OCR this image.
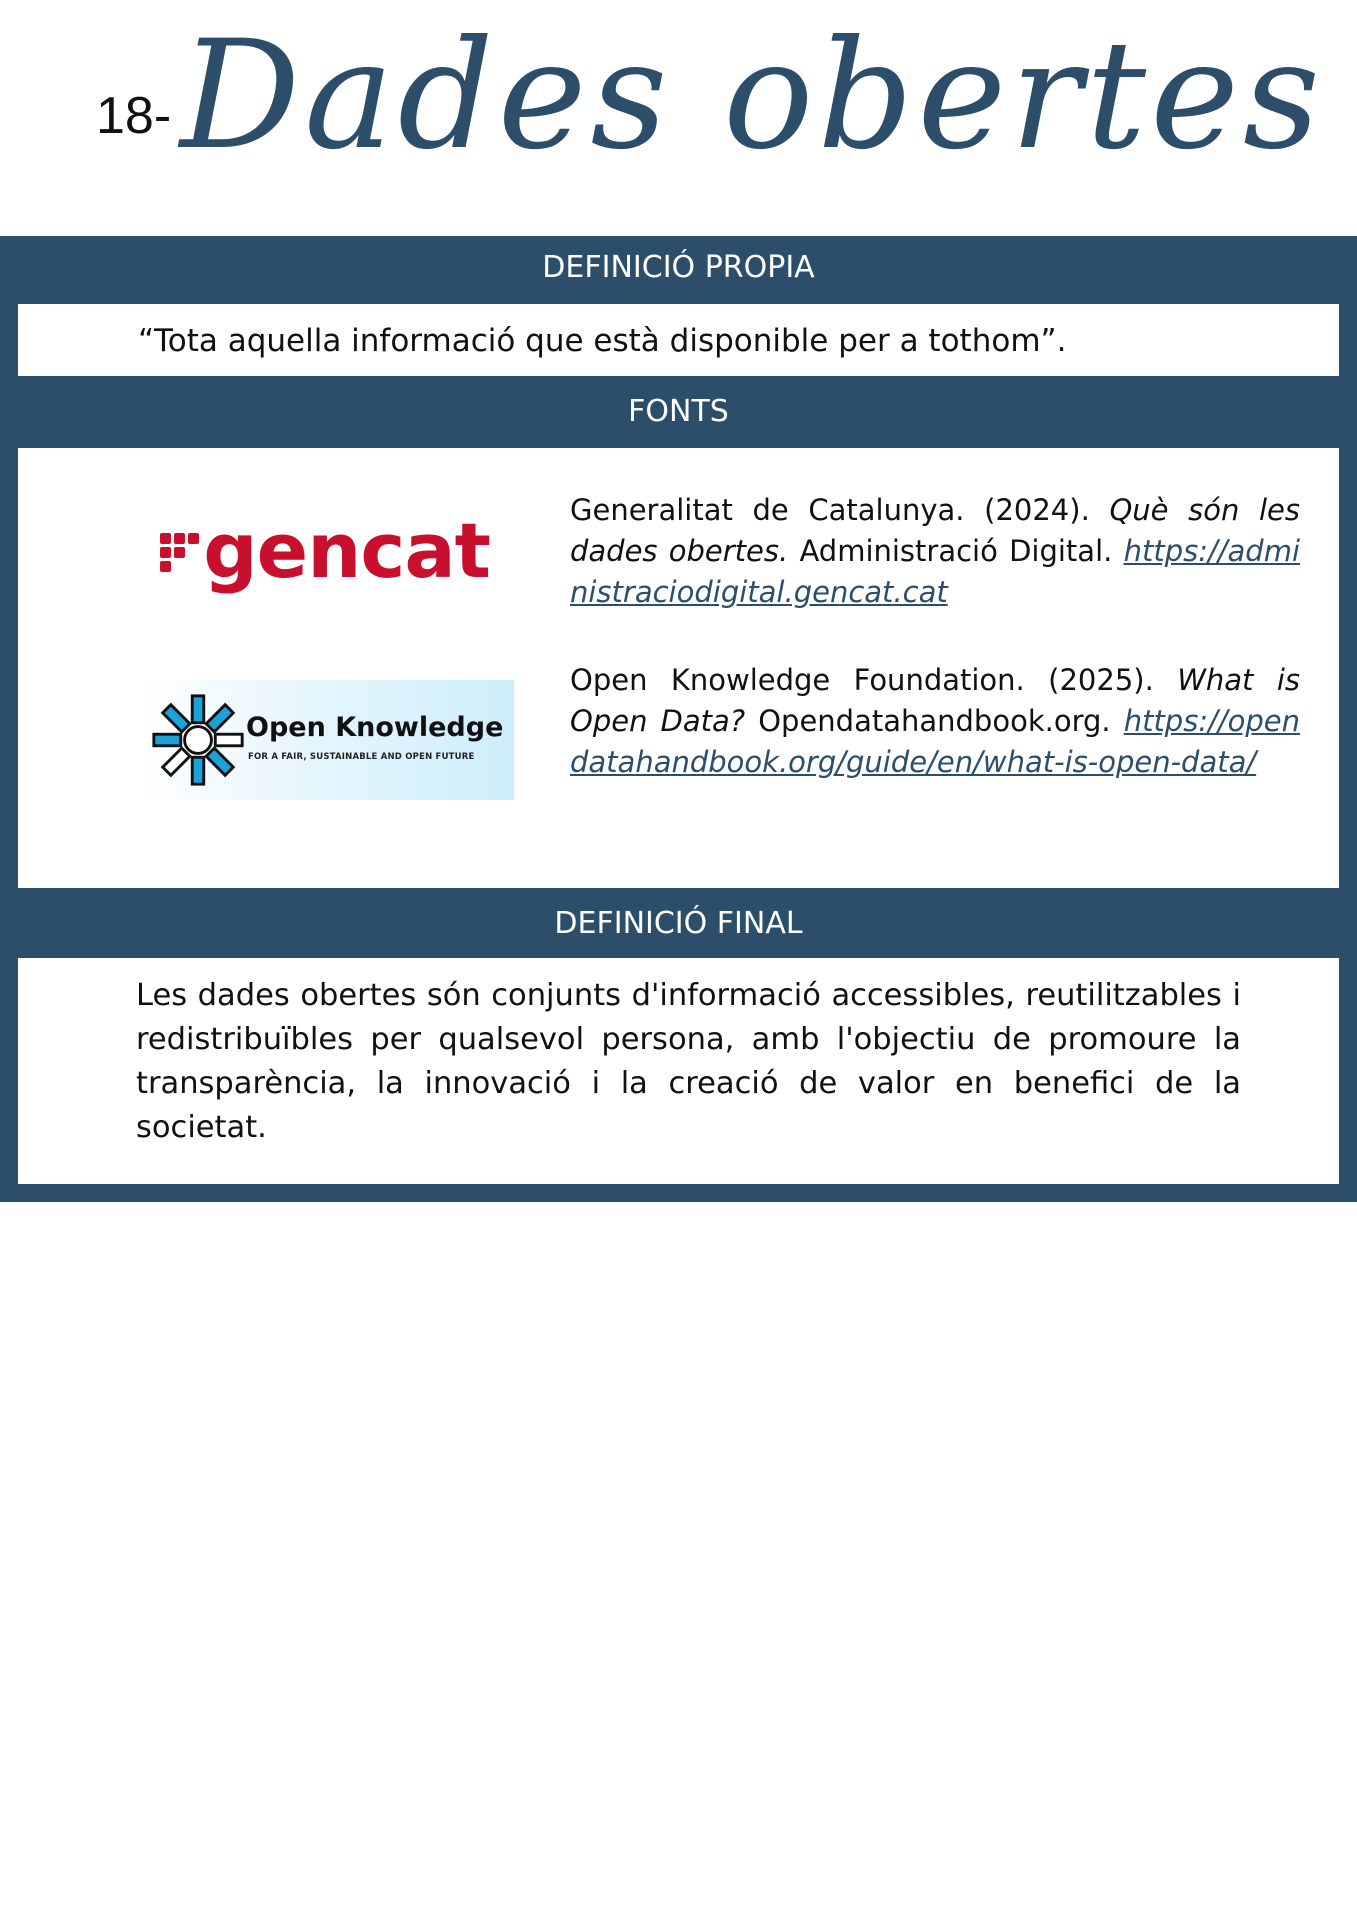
18- Dades obertes
DEFINICIÓ PROPIA
“Tota aquella informació que està disponible per a tothom”.
FONTS
gencat	Generalitat de Catalunya. (2024). Què són les dades obertes. Administració Digital. https://administraciodigital.gencat.cat
Open Knowledge
FOR A FAIR, SUSTAINABLE AND OPEN FUTURE
Open Knowledge Foundation. (2025). What is Open Data? Opendatahandbook.org. https://opendatahandbook.org/guide/en/what-is-open-data/
DEFINICIÓ FINAL
Les dades obertes són conjunts d'informació accessibles, reutilitzables i redistribuïbles per qualsevol persona, amb l'objectiu de promoure la transparència, la innovació i la creació de valor en benefici de la societat.
